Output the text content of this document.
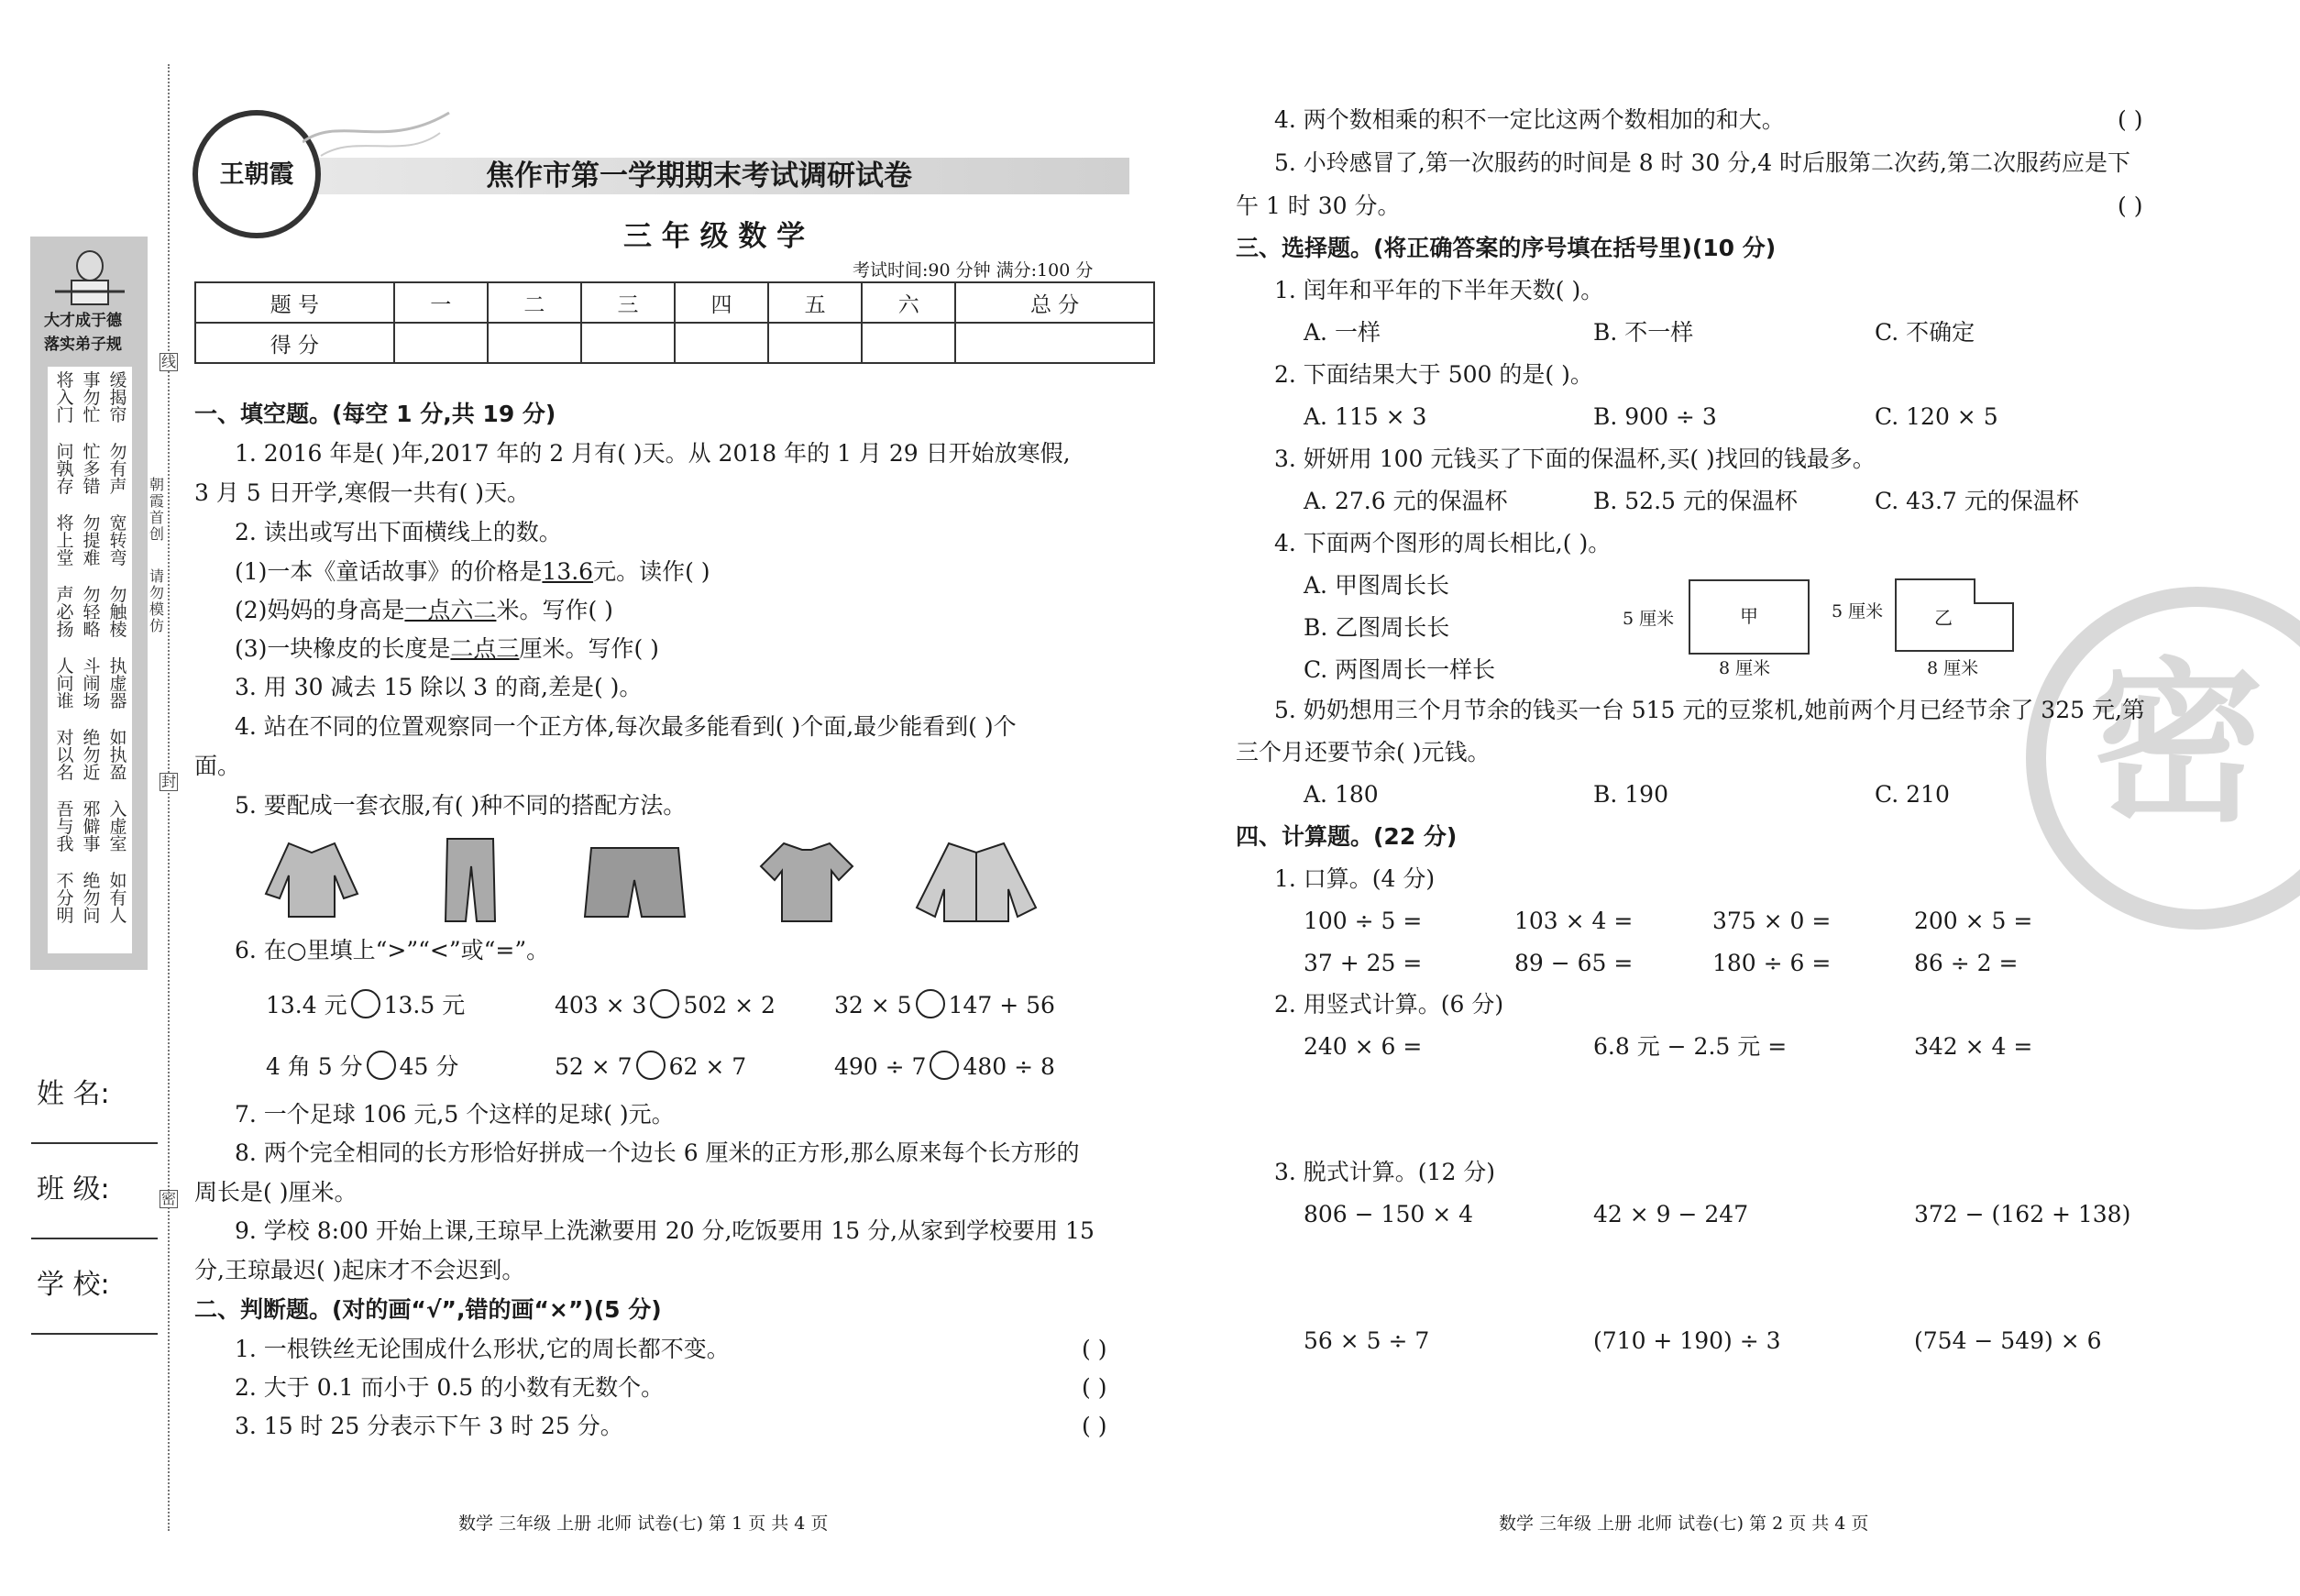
线
封
密
朝
霞
首
创
请
勿
模
仿
大才成于德
落实弟子规
将
入
门
事
勿
忙
缓
揭
帘
问
孰
存
忙
多
错
勿
有
声
将
上
堂
勿
提
难
宽
转
弯
声
必
扬
勿
轻
略
勿
触
棱
人
问
谁
斗
闹
场
执
虚
器
对
以
名
绝
勿
近
如
执
盈
吾
与
我
邪
僻
事
入
虚
室
不
分
明
绝
勿
问
如
有
人
姓 名:
班 级:
学 校:
王朝霞	焦作市第一学期期末考试调研试卷
三 年 级 数 学
考试时间:90 分钟 满分:100 分
题 号	一	二	三	四	五	六	总 分
得 分							
一、填空题。(每空 1 分,共 19 分)
1. 2016 年是( )年,2017 年的 2 月有( )天。从 2018 年的 1 月 29 日开始放寒假,
3 月 5 日开学,寒假一共有( )天。
2. 读出或写出下面横线上的数。
(1)一本《童话故事》的价格是13.6元。读作( )
(2)妈妈的身高是一点六二米。写作( )
(3)一块橡皮的长度是二点三厘米。写作( )
3. 用 30 减去 15 除以 3 的商,差是( )。
4. 站在不同的位置观察同一个正方体,每次最多能看到( )个面,最少能看到( )个
面。
5. 要配成一套衣服,有( )种不同的搭配方法。
6. 在○里填上“>”“<”或“=”。
13.4 元 13.5 元	403 × 3 502 × 2	32 × 5 147 + 56
4 角 5 分 45 分	52 × 7 62 × 7	490 ÷ 7 480 ÷ 8
7. 一个足球 106 元,5 个这样的足球( )元。
8. 两个完全相同的长方形恰好拼成一个边长 6 厘米的正方形,那么原来每个长方形的
周长是( )厘米。
9. 学校 8:00 开始上课,王琼早上洗漱要用 20 分,吃饭要用 15 分,从家到学校要用 15
分,王琼最迟( )起床才不会迟到。
二、判断题。(对的画“√”,错的画“×”)(5 分)
1. 一根铁丝无论围成什么形状,它的周长都不变。	( )
2. 大于 0.1 而小于 0.5 的小数有无数个。	( )
3. 15 时 25 分表示下午 3 时 25 分。	( )
数学 三年级 上册 北师 试卷(七) 第 1 页 共 4 页
密
4. 两个数相乘的积不一定比这两个数相加的和大。	( )
5. 小玲感冒了,第一次服药的时间是 8 时 30 分,4 时后服第二次药,第二次服药应是下
午 1 时 30 分。	( )
三、选择题。(将正确答案的序号填在括号里)(10 分)
1. 闰年和平年的下半年天数( )。
A. 一样	B. 不一样	C. 不确定
2. 下面结果大于 500 的是( )。
A. 115 × 3	B. 900 ÷ 3	C. 120 × 5
3. 妍妍用 100 元钱买了下面的保温杯,买( )找回的钱最多。
A. 27.6 元的保温杯	B. 52.5 元的保温杯	C. 43.7 元的保温杯
4. 下面两个图形的周长相比,( )。
A. 甲图周长长
B. 乙图周长长
C. 两图周长一样长
5 厘米	甲
8 厘米
5 厘米	乙
8 厘米
5. 奶奶想用三个月节余的钱买一台 515 元的豆浆机,她前两个月已经节余了 325 元,第
三个月还要节余( )元钱。
A. 180	B. 190	C. 210
四、计算题。(22 分)
1. 口算。(4 分)
100 ÷ 5 =	103 × 4 =	375 × 0 =	200 × 5 =
37 + 25 =	89 − 65 =	180 ÷ 6 =	86 ÷ 2 =
2. 用竖式计算。(6 分)
240 × 6 =	6.8 元 − 2.5 元 =	342 × 4 =
3. 脱式计算。(12 分)
806 − 150 × 4	42 × 9 − 247	372 − (162 + 138)
56 × 5 ÷ 7	(710 + 190) ÷ 3	(754 − 549) × 6
数学 三年级 上册 北师 试卷(七) 第 2 页 共 4 页
